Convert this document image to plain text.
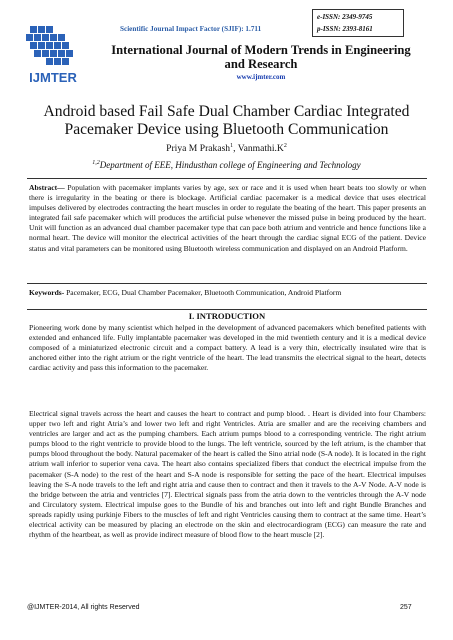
IJMTER
Scientific Journal Impact Factor (SJIF): 1.711
e-ISSN: 2349-9745
p-ISSN: 2393-8161
International Journal of Modern Trends in Engineering
and Research
www.ijmter.com
Android based Fail Safe Dual Chamber Cardiac Integrated Pacemaker Device using Bluetooth Communication
Priya M Prakash$^1$, $Vanmathi.K^2$
$^{1,2}$Department of EEE, Hindusthan college of Engineering and Technology
Abstract— Population with pacemaker implants varies by age, sex or race and it is used when heart beats too slowly or when there is irregularity in the beating or there is blockage. Artificial cardiac pacemaker is a medical device that uses electrical impulses delivered by electrodes contracting the heart muscles in order to regulate the beating of the heart. This paper presents an integrated fail safe pacemaker which will produces the artificial pulse whenever the missed pulse in being produced by the heart. Unit will function as an advanced dual chamber pacemaker type that can pace both atrium and ventricle and hence functions like a normal heart. The device will monitor the electrical activities of the heart through the cardiac signal ECG of the patient. Device status and vital parameters can be monitored using Bluetooth wireless communication and displayed on an Android Platform.
Keywords- Pacemaker, ECG, Dual Chamber Pacemaker, Bluetooth Communication, Android Platform
I. INTRODUCTION
Pioneering work done by many scientist which helped in the development of advanced pacemakers which benefited patients with extended and enhanced life. Fully implantable pacemaker was developed in the mid twentieth century and it is a medical device composed of a miniaturized electronic circuit and a compact battery. A lead is a very thin, electrically insulated wire that is anchored either into the right atrium or the right ventricle of the heart. The lead transmits the electrical signal to the heart, detects cardiac activity and pass this information to the pacemaker.
Electrical signal travels across the heart and causes the heart to contract and pump blood. . Heart is divided into four Chambers: upper two left and right Atria’s and lower two left and right Ventricles. Atria are smaller and are the receiving chambers and ventricles are larger and act as the pumping chambers. Each atrium pumps blood to a corresponding ventricle. The right atrium pumps blood to the right ventricle to provide blood to the lungs. The left ventricle, sourced by the left atrium, is the chamber that pumps blood throughout the body. Natural pacemaker of the heart is called the Sino atrial node (S-A node). It is located in the right atrium wall inferior to superior vena cava. The heart also contains specialized fibers that conduct the electrical impulse from the pacemaker (S-A node) to the rest of the heart and S-A node is responsible for setting the pace of the heart. Electrical impulses leaving the S-A node travels to the left and right atria and cause then to contract and then it travels to the A-V Node. A-V node is the bridge between the atria and ventricles [7]. Electrical signals pass from the atria down to the ventricles through the A-V node and Circulatory system. Electrical impulse goes to the Bundle of his and branches out into left and right Bundle Branches and spreads rapidly using purkinje Fibers to the muscles of left and right Ventricles causing them to contract at the same time. Heart’s electrical activity can be measured by placing an electrode on the skin and electrocardiogram (ECG) can measure the rate and rhythm of the heartbeat, as well as provide indirect measure of blood flow to the heart muscle [2].
@IJMTER-2014, All rights Reserved	257
